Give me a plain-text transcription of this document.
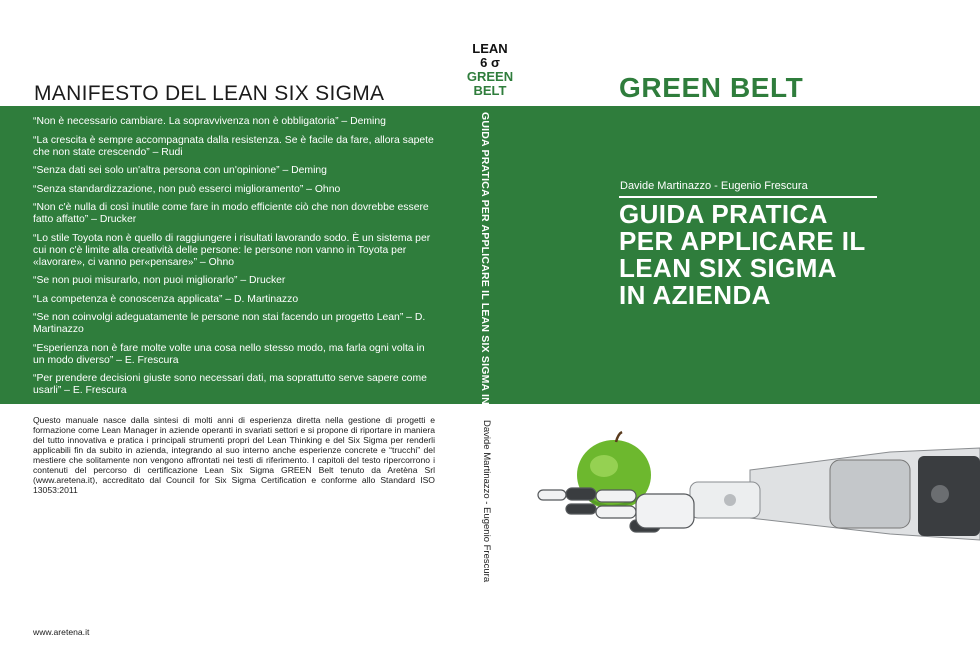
MANIFESTO DEL LEAN SIX SIGMA

“Non è necessario cambiare. La sopravvivenza non è obbligatoria” – Deming

“La crescita è sempre accompagnata dalla resistenza. Se è facile da fare, allora sapete che non state crescendo” – Rudi

“Senza dati sei solo un'altra persona con un'opinione” – Deming

“Senza standardizzazione, non può esserci miglioramento” – Ohno

“Non c'è nulla di così inutile come fare in modo efficiente ciò che non dovrebbe essere fatto affatto” – Drucker

“Lo stile Toyota non è quello di raggiungere i risultati lavorando sodo. È un sistema per cui non c'è limite alla creatività delle persone: le persone non vanno in Toyota per «lavorare», ci vanno per«pensare»” – Ohno

“Se non puoi misurarlo, non puoi migliorarlo” – Drucker

“La competenza è conoscenza applicata” – D. Martinazzo

“Se non coinvolgi adeguatamente le persone non stai facendo un progetto Lean” – D. Martinazzo

“Esperienza non è fare molte volte una cosa nello stesso modo, ma farla ogni volta in un modo diverso” – E. Frescura

“Per prendere decisioni giuste sono necessari dati, ma soprattutto serve sapere come usarli” – E. Frescura

Questo manuale nasce dalla sintesi di molti anni di esperienza diretta nella gestione di progetti e formazione come Lean Manager in aziende operanti in svariati settori e si propone di riportare in maniera del tutto innovativa e pratica i principali strumenti propri del Lean Thinking e del Six Sigma per renderli applicabili fin da subito in azienda, integrando al suo interno anche esperienze concrete e “trucchi” del mestiere che solitamente non vengono affrontati nei testi di riferimento. I capitoli del testo ripercorrono i contenuti del percorso di certificazione Lean Six Sigma GREEN Belt tenuto da Aretèna Srl (www.aretena.it), accreditato dal Council for Six Sigma Certification e conforme allo Standard ISO 13053:2011
www.aretena.it
LEAN
6 σ
GREEN
BELT
GUIDA PRATICA PER APPLICARE IL LEAN SIX SIGMA IN AZIENDA
Davide Martinazzo - Eugenio Frescura
GREEN BELT
Davide Martinazzo - Eugenio Frescura
GUIDA PRATICA
PER APPLICARE IL
LEAN SIX SIGMA
IN AZIENDA
